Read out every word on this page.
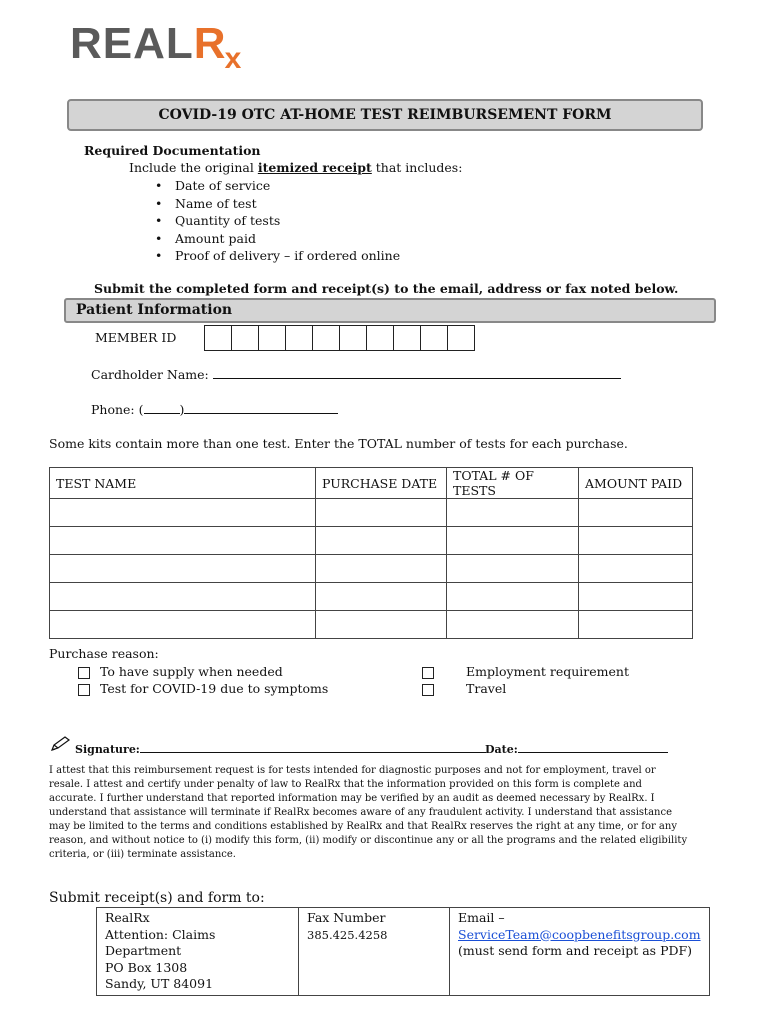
$REALR_x$
COVID-19 OTC AT-HOME TEST REIMBURSEMENT FORM
Required Documentation
Include the original itemized receipt that includes:
• Date of service
• Name of test
• Quantity of tests
• Amount paid
• Proof of delivery – if ordered online
Submit the completed form and receipt(s) to the email, address or fax noted below.
Patient Information
MEMBER ID
Cardholder Name:
Phone: (	)
Some kits contain more than one test. Enter the TOTAL number of tests for each purchase.
TEST NAME	PURCHASE DATE	TOTAL # OF TESTS	AMOUNT PAID

Purchase reason:
To have supply when needed
Test for COVID-19 due to symptoms
Employment requirement
Travel
Signature:	Date:
I attest that this reimbursement request is for tests intended for diagnostic purposes and not for employment, travel or resale. I attest and certify under penalty of law to RealRx that the information provided on this form is complete and accurate. I further understand that reported information may be verified by an audit as deemed necessary by RealRx. I understand that assistance will terminate if RealRx becomes aware of any fraudulent activity. I understand that assistance may be limited to the terms and conditions established by RealRx and that RealRx reserves the right at any time, or for any reason, and without notice to (i) modify this form, (ii) modify or discontinue any or all the programs and the related eligibility criteria, or (iii) terminate assistance.
Submit receipt(s) and form to:
RealRx
Attention: Claims Department
PO Box 1308
Sandy, UT 84091

Fax Number
385.425.4258

Email –
ServiceTeam@coopbenefitsgroup.com
(must send form and receipt as PDF)
